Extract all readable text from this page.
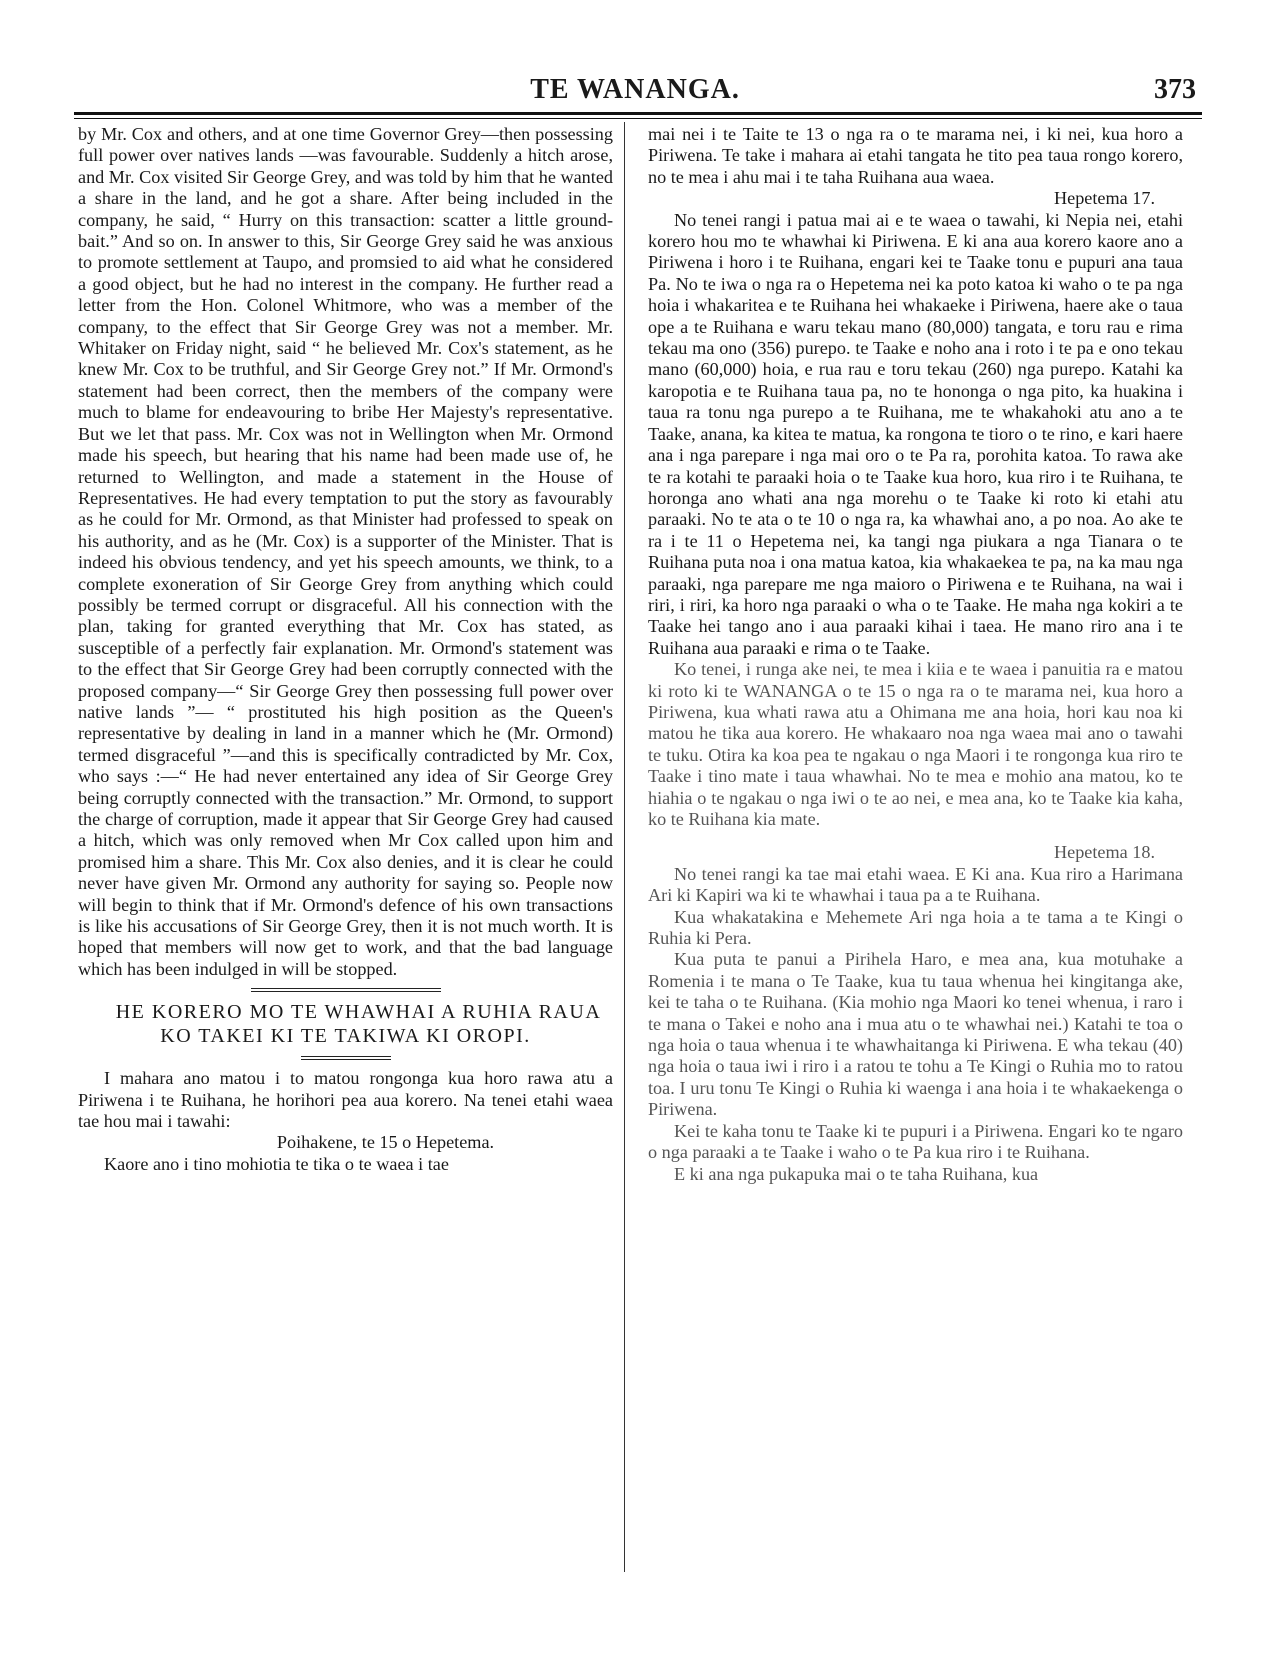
TE WANANGA.	373

by Mr. Cox and others, and at one time Governor Grey—then possessing full power over natives lands —was favourable. Suddenly a hitch arose, and Mr. Cox visited Sir George Grey, and was told by him that he wanted a share in the land, and he got a share. After being included in the company, he said, “ Hurry on this transaction: scatter a little ground-bait.” And so on. In answer to this, Sir George Grey said he was anxious to promote settlement at Taupo, and promsied to aid what he considered a good object, but he had no interest in the company. He further read a letter from the Hon. Colonel Whitmore, who was a member of the company, to the effect that Sir George Grey was not a member. Mr. Whitaker on Friday night, said “ he believed Mr. Cox's statement, as he knew Mr. Cox to be truthful, and Sir George Grey not.” If Mr. Ormond's statement had been correct, then the members of the company were much to blame for endeavouring to bribe Her Majesty's representative. But we let that pass. Mr. Cox was not in Wellington when Mr. Ormond made his speech, but hearing that his name had been made use of, he returned to Wellington, and made a statement in the House of Representatives. He had every temptation to put the story as favourably as he could for Mr. Ormond, as that Minister had professed to speak on his authority, and as he (Mr. Cox) is a supporter of the Minister. That is indeed his obvious tendency, and yet his speech amounts, we think, to a complete exoneration of Sir George Grey from anything which could possibly be termed corrupt or disgraceful. All his connection with the plan, taking for granted everything that Mr. Cox has stated, as susceptible of a perfectly fair explanation. Mr. Ormond's statement was to the effect that Sir George Grey had been corruptly connected with the proposed company—“ Sir George Grey then possessing full power over native lands ”— “ prostituted his high position as the Queen's representative by dealing in land in a manner which he (Mr. Ormond) termed disgraceful ”—and this is specifically contradicted by Mr. Cox, who says :—“ He had never entertained any idea of Sir George Grey being corruptly connected with the transaction.” Mr. Ormond, to support the charge of corruption, made it appear that Sir George Grey had caused a hitch, which was only removed when Mr Cox called upon him and promised him a share. This Mr. Cox also denies, and it is clear he could never have given Mr. Ormond any authority for saying so. People now will begin to think that if Mr. Ormond's defence of his own transactions is like his accusations of Sir George Grey, then it is not much worth. It is hoped that members will now get to work, and that the bad language which has been indulged in will be stopped.

HE KORERO MO TE WHAWHAI A RUHIA RAUA KO TAKEI KI TE TAKIWA KI OROPI.

I mahara ano matou i to matou rongonga kua horo rawa atu a Piriwena i te Ruihana, he horihori pea aua korero. Na tenei etahi waea tae hou mai i tawahi:

Poihakene, te 15 o Hepetema.

Kaore ano i tino mohiotia te tika o te waea i tae

mai nei i te Taite te 13 o nga ra o te marama nei, i ki nei, kua horo a Piriwena. Te take i mahara ai etahi tangata he tito pea taua rongo korero, no te mea i ahu mai i te taha Ruihana aua waea.

Hepetema 17.

No tenei rangi i patua mai ai e te waea o tawahi, ki Nepia nei, etahi korero hou mo te whawhai ki Piriwena. E ki ana aua korero kaore ano a Piriwena i horo i te Ruihana, engari kei te Taake tonu e pupuri ana taua Pa. No te iwa o nga ra o Hepetema nei ka poto katoa ki waho o te pa nga hoia i whakaritea e te Ruihana hei whakaeke i Piriwena, haere ake o taua ope a te Ruihana e waru tekau mano (80,000) tangata, e toru rau e rima tekau ma ono (356) purepo. te Taake e noho ana i roto i te pa e ono tekau mano (60,000) hoia, e rua rau e toru tekau (260) nga purepo. Katahi ka karopotia e te Ruihana taua pa, no te hononga o nga pito, ka huakina i taua ra tonu nga purepo a te Ruihana, me te whakahoki atu ano a te Taake, anana, ka kitea te matua, ka rongona te tioro o te rino, e kari haere ana i nga parepare i nga mai oro o te Pa ra, porohita katoa. To rawa ake te ra kotahi te paraaki hoia o te Taake kua horo, kua riro i te Ruihana, te horonga ano whati ana nga morehu o te Taake ki roto ki etahi atu paraaki. No te ata o te 10 o nga ra, ka whawhai ano, a po noa. Ao ake te ra i te 11 o Hepetema nei, ka tangi nga piukara a nga Tianara o te Ruihana puta noa i ona matua katoa, kia whakaekea te pa, na ka mau nga paraaki, nga parepare me nga maioro o Piriwena e te Ruihana, na wai i riri, i riri, ka horo nga paraaki o wha o te Taake. He maha nga kokiri a te Taake hei tango ano i aua paraaki kihai i taea. He mano riro ana i te Ruihana aua paraaki e rima o te Taake.

Ko tenei, i runga ake nei, te mea i kiia e te waea i panuitia ra e matou ki roto ki te WANANGA o te 15 o nga ra o te marama nei, kua horo a Piriwena, kua whati rawa atu a Ohimana me ana hoia, hori kau noa ki matou he tika aua korero. He whakaaro noa nga waea mai ano o tawahi te tuku. Otira ka koa pea te ngakau o nga Maori i te rongonga kua riro te Taake i tino mate i taua whawhai. No te mea e mohio ana matou, ko te hiahia o te ngakau o nga iwi o te ao nei, e mea ana, ko te Taake kia kaha, ko te Ruihana kia mate.

Hepetema 18.

No tenei rangi ka tae mai etahi waea. E Ki ana. Kua riro a Harimana Ari ki Kapiri wa ki te whawhai i taua pa a te Ruihana.

Kua whakatakina e Mehemete Ari nga hoia a te tama a te Kingi o Ruhia ki Pera.

Kua puta te panui a Pirihela Haro, e mea ana, kua motuhake a Romenia i te mana o Te Taake, kua tu taua whenua hei kingitanga ake, kei te taha o te Ruihana. (Kia mohio nga Maori ko tenei whenua, i raro i te mana o Takei e noho ana i mua atu o te whawhai nei.) Katahi te toa o nga hoia o taua whenua i te whawhaitanga ki Piriwena. E wha tekau (40) nga hoia o taua iwi i riro i a ratou te tohu a Te Kingi o Ruhia mo to ratou toa. I uru tonu Te Kingi o Ruhia ki waenga i ana hoia i te whakaekenga o Piriwena.

Kei te kaha tonu te Taake ki te pupuri i a Piriwena. Engari ko te ngaro o nga paraaki a te Taake i waho o te Pa kua riro i te Ruihana.

E ki ana nga pukapuka mai o te taha Ruihana, kua
